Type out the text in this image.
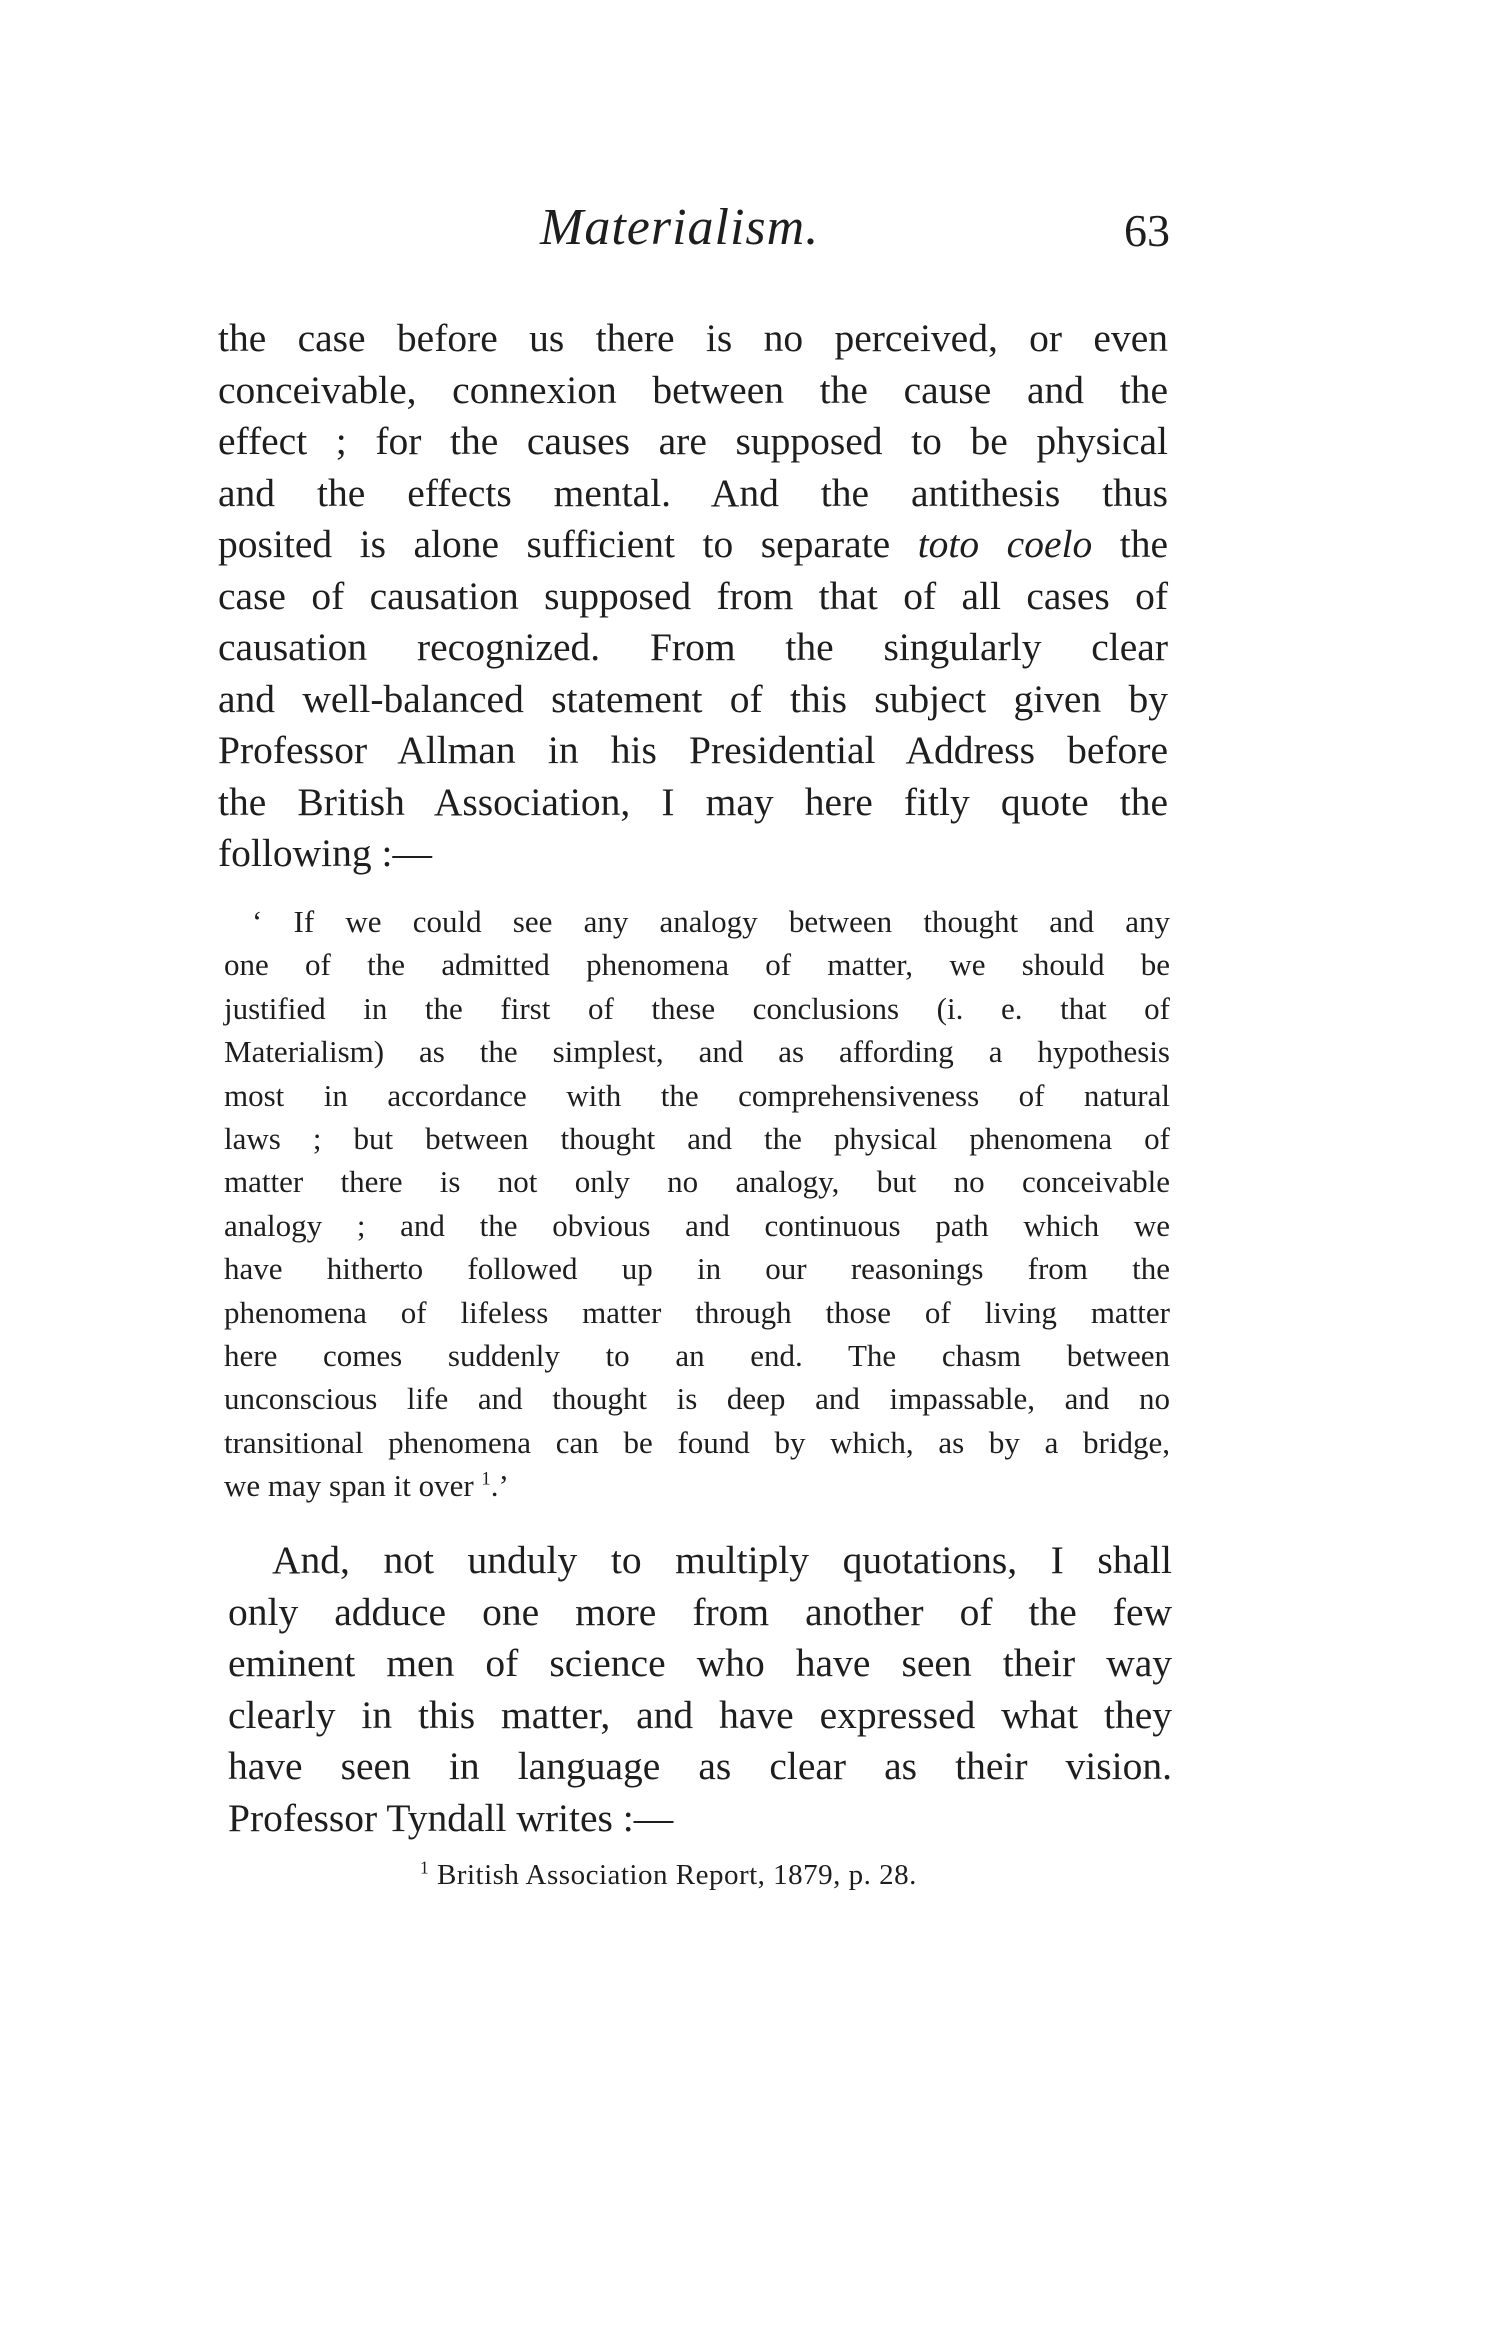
Materialism.	63
the case before us there is no perceived, or even
conceivable, connexion between the cause and the
effect ; for the causes are supposed to be physical
and the effects mental. And the antithesis thus
posited is alone sufficient to separate toto coelo the
case of causation supposed from that of all cases of
causation recognized. From the singularly clear
and well-balanced statement of this subject given by
Professor Allman in his Presidential Address before
the British Association, I may here fitly quote the
following :—
‘ If we could see any analogy between thought and any
one of the admitted phenomena of matter, we should be
justified in the first of these conclusions (i. e. that of
Materialism) as the simplest, and as affording a hypothesis
most in accordance with the comprehensiveness of natural
laws ; but between thought and the physical phenomena of
matter there is not only no analogy, but no conceivable
analogy ; and the obvious and continuous path which we
have hitherto followed up in our reasonings from the
phenomena of lifeless matter through those of living matter
here comes suddenly to an end. The chasm between
unconscious life and thought is deep and impassable, and no
transitional phenomena can be found by which, as by a bridge,
we may span it over $^1$.’
And, not unduly to multiply quotations, I shall
only adduce one more from another of the few
eminent men of science who have seen their way
clearly in this matter, and have expressed what they
have seen in language as clear as their vision.
Professor Tyndall writes :—
$^1$ British Association Report, 1879, p. 28.
